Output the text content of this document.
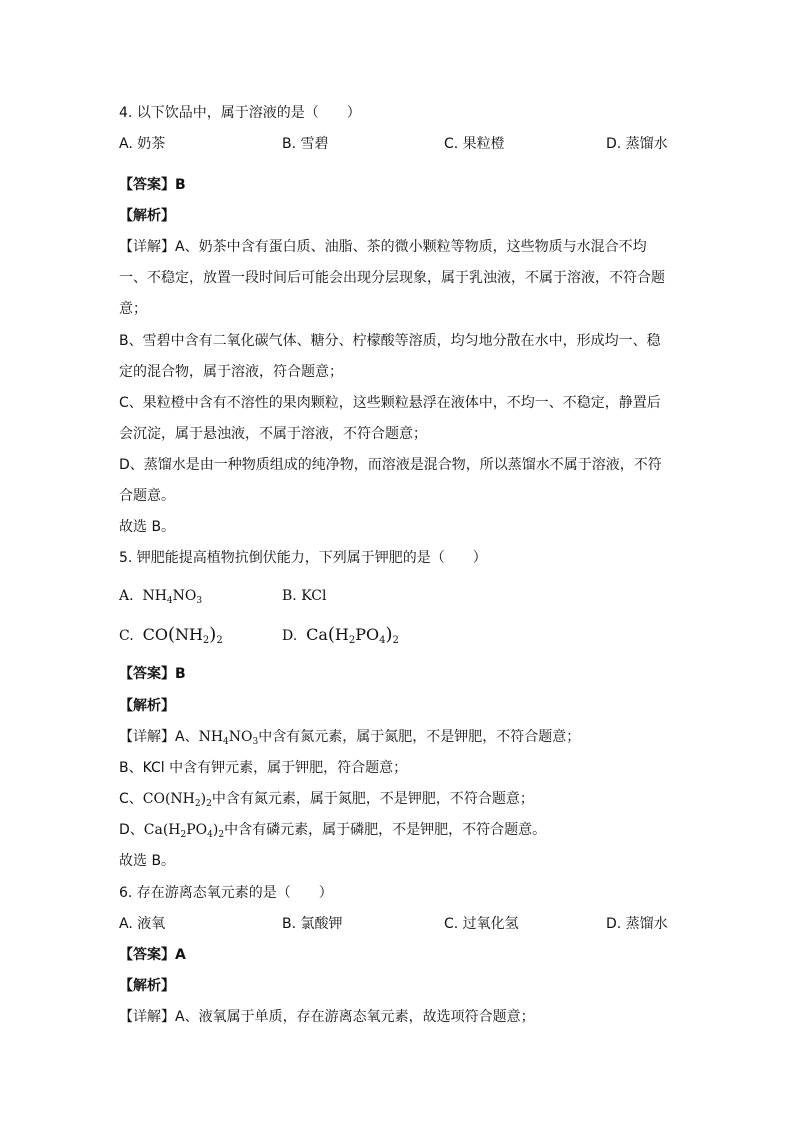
4. 以下饮品中，属于溶液的是（　　）
A. 奶茶	B. 雪碧	C. 果粒橙	D. 蒸馏水
【答案】B
【解析】
【详解】A、奶茶中含有蛋白质、油脂、茶的微小颗粒等物质，这些物质与水混合不均
一、不稳定，放置一段时间后可能会出现分层现象，属于乳浊液，不属于溶液，不符合题
意；
B、雪碧中含有二氧化碳气体、糖分、柠檬酸等溶质，均匀地分散在水中，形成均一、稳
定的混合物，属于溶液，符合题意；
C、果粒橙中含有不溶性的果肉颗粒，这些颗粒悬浮在液体中，不均一、不稳定，静置后
会沉淀，属于悬浊液，不属于溶液，不符合题意；
D、蒸馏水是由一种物质组成的纯净物，而溶液是混合物，所以蒸馏水不属于溶液，不符
合题意。
故选 B。
5. 钾肥能提高植物抗倒伏能力，下列属于钾肥的是（　　）
A.  $NH_4NO_3$	B. KCl
C. $CO(NH_2)_2$	D. $Ca(H_2PO_4)_2$
【答案】B
【解析】
【详解】A、$NH_4NO_3$中含有氮元素，属于氮肥，不是钾肥，不符合题意；
B、KCl 中含有钾元素，属于钾肥，符合题意；
C、$CO(NH_2)_2$中含有氮元素，属于氮肥，不是钾肥，不符合题意；
D、$Ca(H_2PO_4)_2$中含有磷元素，属于磷肥，不是钾肥，不符合题意。
故选 B。
6. 存在游离态氧元素的是（　　）
A. 液氧	B. 氯酸钾	C. 过氧化氢	D. 蒸馏水
【答案】A
【解析】
【详解】A、液氧属于单质，存在游离态氧元素，故选项符合题意；
